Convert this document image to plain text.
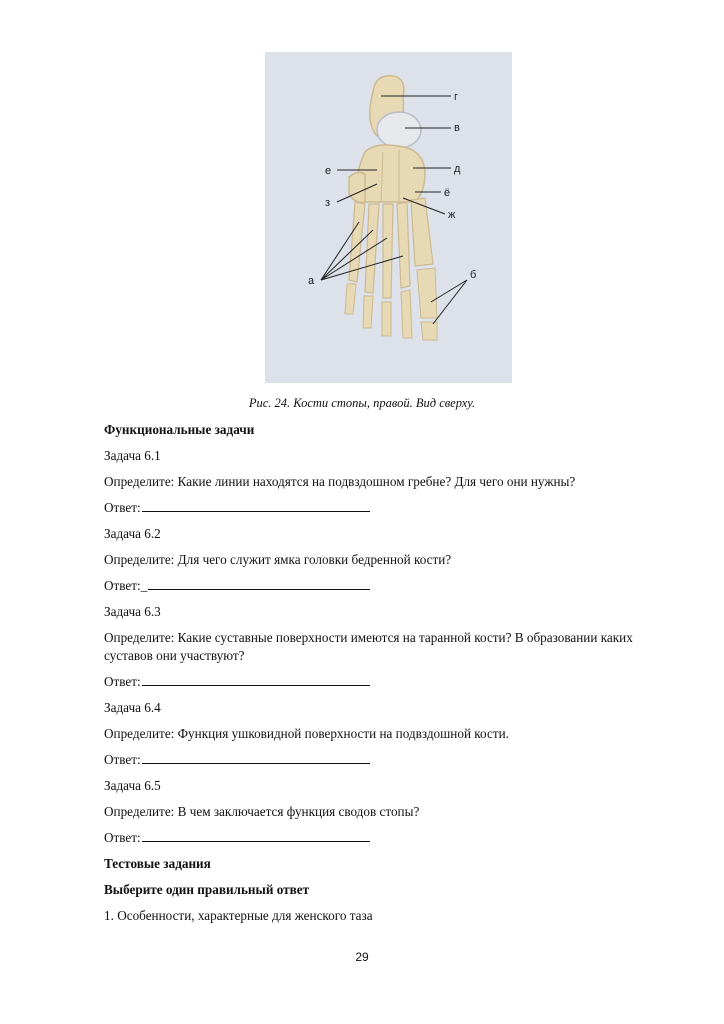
г
в
е	д
ё
з
ж
а	б
Рис. 24. Кости стопы, правой. Вид сверху.
Функциональные задачи
Задача 6.1
Определите: Какие линии находятся на подвздошном гребне? Для чего они нужны?
Ответ:
Задача 6.2
Определите: Для чего служит ямка головки бедренной кости?
Ответ:_
Задача 6.3
Определите: Какие суставные поверхности имеются на таранной кости? В образовании каких
суставов они участвуют?
Ответ:
Задача 6.4
Определите: Функция ушковидной поверхности на подвздошной кости.
Ответ:
Задача 6.5
Определите: В чем заключается функция сводов стопы?
Ответ:
Тестовые задания
Выберите один правильный ответ
1. Особенности, характерные для женского таза
29
